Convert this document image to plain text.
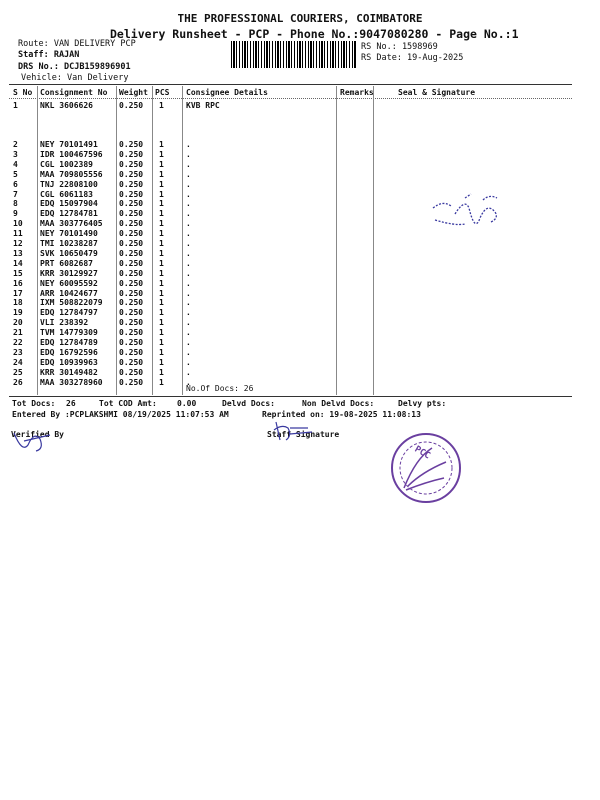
THE PROFESSIONAL COURIERS, COIMBATORE
Delivery Runsheet - PCP - Phone No.:9047080280 - Page No.:1
Route: VAN DELIVERY PCP
Staff: RAJAN
DRS No.: DCJB159896901
Vehicle: Van Delivery
RS No.: 1598969
RS Date: 19-Aug-2025
S No Consignment No Weight PCS Consignee Details	Remarks	Seal & Signature
1	NKL 3606626	0.250 1	KVB RPC
2	NEY 70101491	0.250 1	.
3	IDR 100467596 0.250 1	.
4	CGL 1002389	0.250 1	.
5	MAA 709805556 0.250 1	.
6	TNJ 22808100	0.250 1	.
7	CGL 6061183	0.250 1	.
8	EDQ 15097904	0.250 1	.
9	EDQ 12784781	0.250 1	.
10 MAA 303776405 0.250 1	.
11 NEY 70101490	0.250 1	.
12 TMI 10238287	0.250 1	.
13 SVK 10650479	0.250 1	.
14 PRT 6082687	0.250 1	.
15 KRR 30129927	0.250 1	.
16 NEY 60095592	0.250 1	.
17 ARR 10424677	0.250 1	.
18 IXM 508822079 0.250 1	.
19 EDQ 12784797	0.250 1	.
20 VLI 238392	0.250 1	.
21 TVM 14779309	0.250 1	.
22 EDQ 12784789	0.250 1	.
23 EDQ 16792596	0.250 1	.
24 EDQ 10939963	0.250 1	.
25 KRR 30149482	0.250 1	.
26 MAA 303278960 0.250 1	.
No.Of Docs: 26
Tot Docs: 26	Tot COD Amt:	0.00	Delvd Docs:	Non Delvd Docs:	Delvy pts:
Entered By :PCPLAKSHMI 08/19/2025 11:07:53 AM	Reprinted on: 19-08-2025 11:08:13
Verified By	Staff Signature
PCC
